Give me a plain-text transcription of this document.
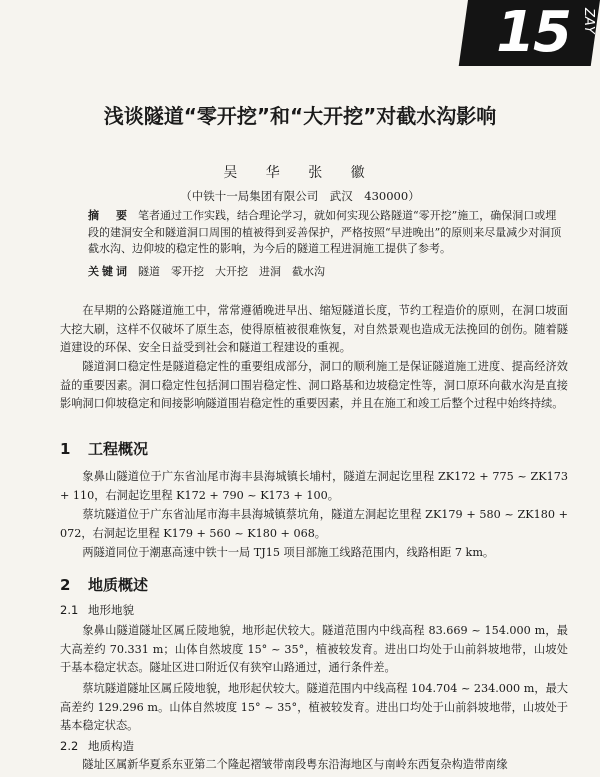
15 ZAY
浅谈隧道“零开挖”和“大开挖”对截水沟影响
吴 华 张 徽
（中铁十一局集团有限公司　武汉　430000）
摘　要 笔者通过工作实践，结合理论学习，就如何实现公路隧道“零开挖”施工，确保洞口或埋段的建洞安全和隧道洞口周围的植被得到妥善保护，严格按照“早进晚出”的原则来尽量减少对洞顶截水沟、边仰坡的稳定性的影响，为今后的隧道工程进洞施工提供了参考。
关键词 隧道　零开挖　大开挖　进洞　截水沟
在早期的公路隧道施工中，常常遵循晚进早出、缩短隧道长度，节约工程造价的原则，在洞口坡面大挖大刷，这样不仅破坏了原生态，使得原植被很难恢复，对自然景观也造成无法挽回的创伤。随着隧道建设的环保、安全日益受到社会和隧道工程建设的重视。
隧道洞口稳定性是隧道稳定性的重要组成部分，洞口的顺利施工是保证隧道施工进度、提高经济效益的重要因素。洞口稳定性包括洞口围岩稳定性、洞口路基和边坡稳定性等，洞口原环向截水沟是直接影响洞口仰坡稳定和间接影响隧道围岩稳定性的重要因素，并且在施工和竣工后整个过程中始终持续。
1 工程概况
象鼻山隧道位于广东省汕尾市海丰县海城镇长埔村，隧道左洞起讫里程 ZK172 + 775 ~ ZK173 + 110，右洞起讫里程 K172 + 790 ~ K173 + 100。
蔡坑隧道位于广东省汕尾市海丰县海城镇蔡坑角，隧道左洞起讫里程 ZK179 + 580 ~ ZK180 + 072，右洞起讫里程 K179 + 560 ~ K180 + 068。
两隧道同位于潮惠高速中铁十一局 TJ15 项目部施工线路范围内，线路相距 7 km。
2 地质概述
2.1 地形地貌
象鼻山隧道隧址区属丘陵地貌，地形起伏较大。隧道范围内中线高程 83.669 ~ 154.000 m，最大高差约 70.331 m；山体自然坡度 15° ~ 35°，植被较发育。进出口均处于山前斜坡地带，山坡处于基本稳定状态。隧址区进口附近仅有狭窄山路通过，通行条件差。
蔡坑隧道隧址区属丘陵地貌，地形起伏较大。隧道范围内中线高程 104.704 ~ 234.000 m，最大高差约 129.296 m。山体自然坡度 15° ~ 35°，植被较发育。进出口均处于山前斜坡地带，山坡处于基本稳定状态。
2.2 地质构造
隧址区属新华夏系东亚第二个隆起褶皱带南段粤东沿海地区与南岭东西复杂构造带南缘
